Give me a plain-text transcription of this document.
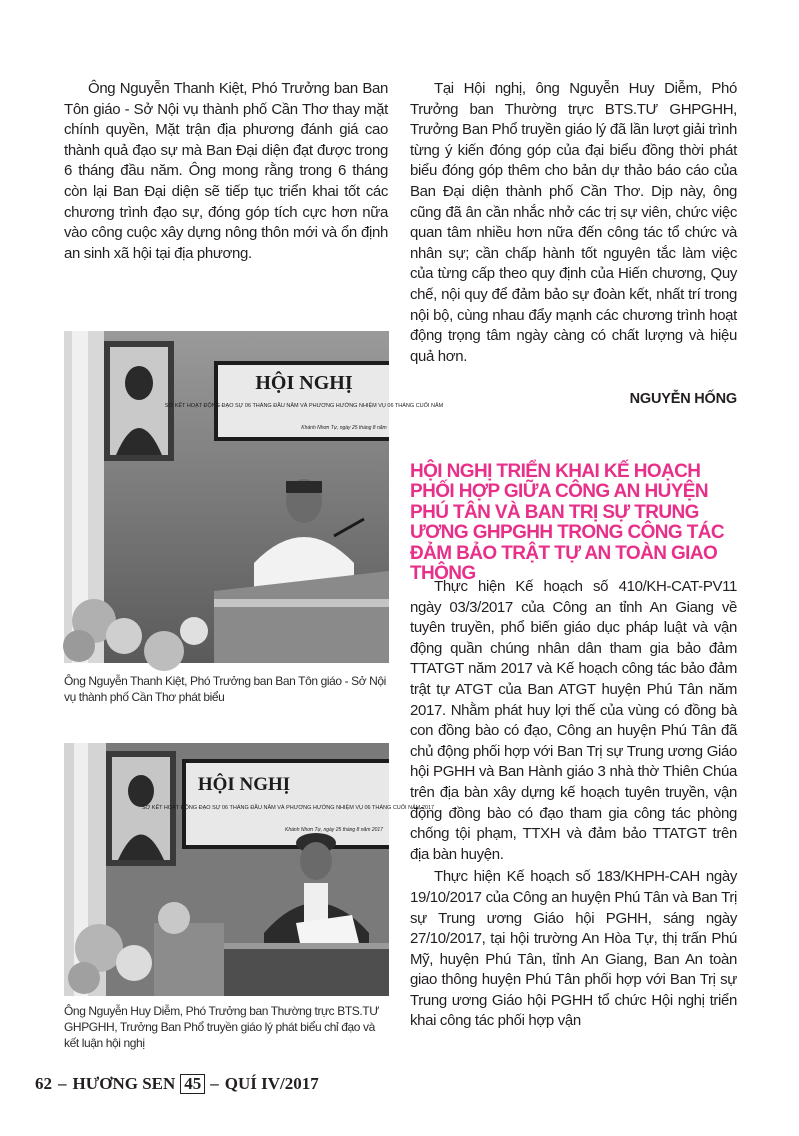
Ông Nguyễn Thanh Kiệt, Phó Trưởng ban Ban Tôn giáo - Sở Nội vụ thành phố Cần Thơ thay mặt chính quyền, Mặt trận địa phương đánh giá cao thành quả đạo sự mà Ban Đại diện đạt được trong 6 tháng đầu năm. Ông mong rằng trong 6 tháng còn lại Ban Đại diện sẽ tiếp tục triển khai tốt các chương trình đạo sự, đóng góp tích cực hơn nữa vào công cuộc xây dựng nông thôn mới và ổn định an sinh xã hội tại địa phương.

HỘI NGHỊ
SƠ KẾT HOẠT ĐỘNG ĐẠO SỰ 06 THÁNG ĐẦU NĂM VÀ PHƯƠNG HƯỚNG NHIỆM VỤ 06 THÁNG CUỐI NĂM
Khánh Nhơn Tự, ngày 25 tháng 8 năm
Ông Nguyễn Thanh Kiệt, Phó Trưởng ban Ban Tôn giáo - Sở Nội vụ thành phố Cần Thơ phát biểu
HỘI NGHỊ
SƠ KẾT HOẠT ĐỘNG ĐẠO SỰ 06 THÁNG ĐẦU NĂM VÀ PHƯƠNG HƯỚNG NHIỆM VỤ 06 THÁNG CUỐI NĂM 2017
Khánh Nhơn Tự, ngày 25 tháng 8 năm 2017
Ông Nguyễn Huy Diễm, Phó Trưởng ban Thường trực BTS.TƯ GHPGHH, Trưởng Ban Phổ truyền giáo lý phát biểu chỉ đạo và kết luận hội nghị

Tại Hội nghị, ông Nguyễn Huy Diễm, Phó Trưởng ban Thường trực BTS.TƯ GHPGHH, Trưởng Ban Phổ truyền giáo lý đã lần lượt giải trình từng ý kiến đóng góp của đại biểu đồng thời phát biểu đóng góp thêm cho bản dự thảo báo cáo của Ban Đại diện thành phố Cần Thơ. Dịp này, ông cũng đã ân cần nhắc nhở các trị sự viên, chức việc quan tâm nhiều hơn nữa đến công tác tổ chức và nhân sự; cần chấp hành tốt nguyên tắc làm việc của từng cấp theo quy định của Hiến chương, Quy chế, nội quy để đảm bảo sự đoàn kết, nhất trí trong nội bộ, cùng nhau đẩy mạnh các chương trình hoạt động trọng tâm ngày càng có chất lượng và hiệu quả hơn.

NGUYỄN HỐNG
HỘI NGHỊ TRIỂN KHAI KẾ HOẠCH PHỐI HỢP GIỮA CÔNG AN HUYỆN PHÚ TÂN VÀ BAN TRỊ SỰ TRUNG ƯƠNG GHPGHH TRONG CÔNG TÁC ĐẢM BẢO TRẬT TỰ AN TOÀN GIAO THÔNG

Thực hiện Kế hoạch số 410/KH-CAT-PV11 ngày 03/3/2017 của Công an tỉnh An Giang về tuyên truyền, phổ biến giáo dục pháp luật và vận động quần chúng nhân dân tham gia bảo đảm TTATGT năm 2017 và Kế hoạch công tác bảo đảm trật tự ATGT của Ban ATGT huyện Phú Tân năm 2017. Nhằm phát huy lợi thế của vùng có đồng bà con đồng bào có đạo, Công an huyện Phú Tân đã chủ động phối hợp với Ban Trị sự Trung ương Giáo hội PGHH và Ban Hành giáo 3 nhà thờ Thiên Chúa trên địa bàn xây dựng kế hoạch tuyên truyền, vận động đồng bào có đạo tham gia công tác phòng chống tội phạm, TTXH và đảm bảo TTATGT trên địa bàn huyện.

Thực hiện Kế hoạch số 183/KHPH-CAH ngày 19/10/2017 của Công an huyện Phú Tân và Ban Trị sự Trung ương Giáo hội PGHH, sáng ngày 27/10/2017, tại hội trường An Hòa Tự, thị trấn Phú Mỹ, huyện Phú Tân, tỉnh An Giang, Ban An toàn giao thông huyện Phú Tân phối hợp với Ban Trị sự Trung ương Giáo hội PGHH tổ chức Hội nghị triển khai công tác phối hợp vận

62 – HƯƠNG SEN 45 – QUÍ IV/2017
